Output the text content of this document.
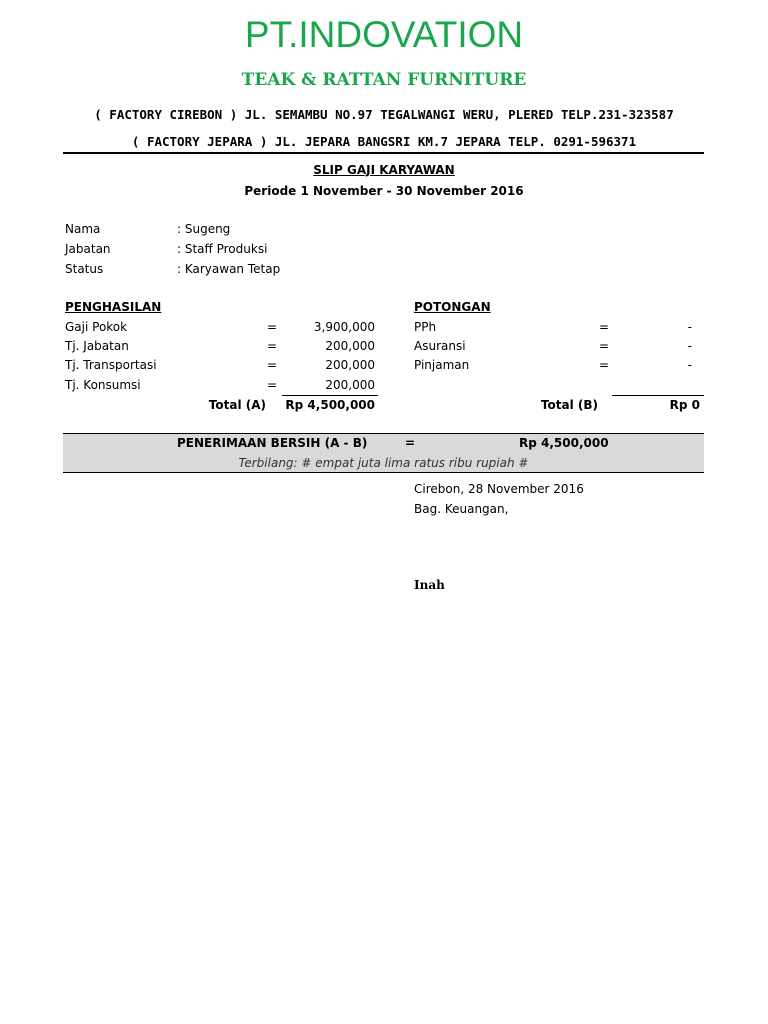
PT.INDOVATION
TEAK & RATTAN FURNITURE
( FACTORY CIREBON ) JL. SEMAMBU NO.97 TEGALWANGI WERU, PLERED TELP.231-323587
( FACTORY JEPARA ) JL. JEPARA BANGSRI KM.7 JEPARA TELP. 0291-596371
SLIP GAJI KARYAWAN
Periode 1 November - 30 November 2016
Nama	: Sugeng
Jabatan	: Staff Produksi
Status	: Karyawan Tetap
PENGHASILAN
Gaji Pokok	=	3,900,000
Tj. Jabatan	=	200,000
Tj. Transportasi	=	200,000
Tj. Konsumsi	=	200,000
Total (A)	Rp 4,500,000
POTONGAN
PPh	=	-
Asuransi	=	-
Pinjaman	=	-
Total (B)	Rp 0
PENERIMAAN BERSIH (A - B)	=	Rp 4,500,000
Terbilang: # empat juta lima ratus ribu rupiah #
Cirebon, 28 November 2016
Bag. Keuangan,
Inah
